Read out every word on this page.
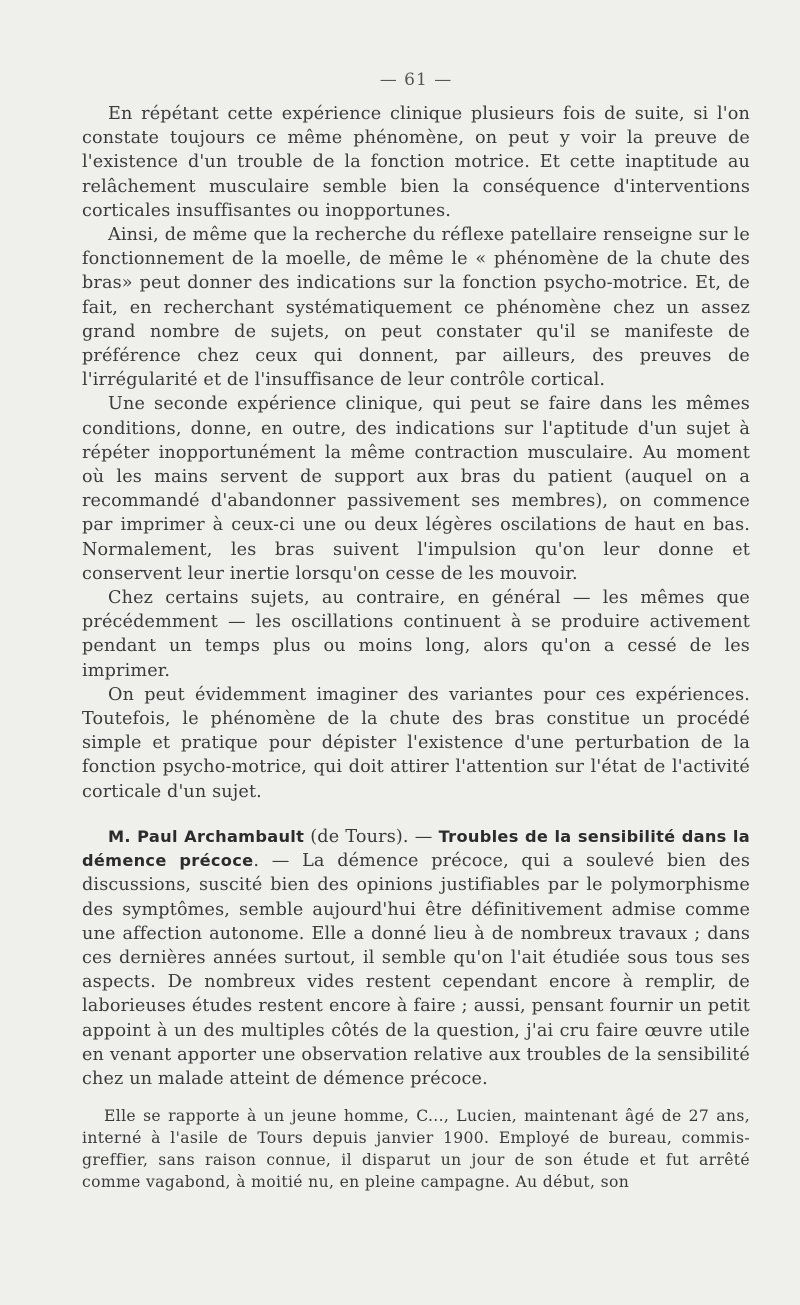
— 61 —

En répétant cette expérience clinique plusieurs fois de suite, si l'on constate toujours ce même phénomène, on peut y voir la preuve de l'existence d'un trouble de la fonction motrice. Et cette inaptitude au relâchement musculaire semble bien la conséquence d'interventions corticales insuffisantes ou inopportunes.

Ainsi, de même que la recherche du réflexe patellaire renseigne sur le fonctionnement de la moelle, de même le « phénomène de la chute des bras» peut donner des indications sur la fonction psycho-motrice. Et, de fait, en recherchant systématiquement ce phénomène chez un assez grand nombre de sujets, on peut constater qu'il se manifeste de préférence chez ceux qui donnent, par ailleurs, des preuves de l'irrégularité et de l'insuffisance de leur contrôle cortical.

Une seconde expérience clinique, qui peut se faire dans les mêmes conditions, donne, en outre, des indications sur l'aptitude d'un sujet à répéter inopportunément la même contraction musculaire. Au moment où les mains servent de support aux bras du patient (auquel on a recommandé d'abandonner passivement ses membres), on commence par imprimer à ceux-ci une ou deux légères oscilations de haut en bas. Normalement, les bras suivent l'impulsion qu'on leur donne et conservent leur inertie lorsqu'on cesse de les mouvoir.

Chez certains sujets, au contraire, en général — les mêmes que précédemment — les oscillations continuent à se produire activement pendant un temps plus ou moins long, alors qu'on a cessé de les imprimer.

On peut évidemment imaginer des variantes pour ces expériences. Toutefois, le phénomène de la chute des bras constitue un procédé simple et pratique pour dépister l'existence d'une perturbation de la fonction psycho-motrice, qui doit attirer l'attention sur l'état de l'activité corticale d'un sujet.

M. Paul Archambault (de Tours). — Troubles de la sensibilité dans la démence précoce. — La démence précoce, qui a soulevé bien des discussions, suscité bien des opinions justifiables par le polymorphisme des symptômes, semble aujourd'hui être définitivement admise comme une affection autonome. Elle a donné lieu à de nombreux travaux ; dans ces dernières années surtout, il semble qu'on l'ait étudiée sous tous ses aspects. De nombreux vides restent cependant encore à remplir, de laborieuses études restent encore à faire ; aussi, pensant fournir un petit appoint à un des multiples côtés de la question, j'ai cru faire œuvre utile en venant apporter une observation relative aux troubles de la sensibilité chez un malade atteint de démence précoce.

Elle se rapporte à un jeune homme, C..., Lucien, maintenant âgé de 27 ans, interné à l'asile de Tours depuis janvier 1900. Employé de bureau, commis-greffier, sans raison connue, il disparut un jour de son étude et fut arrêté comme vagabond, à moitié nu, en pleine campagne. Au début, son
